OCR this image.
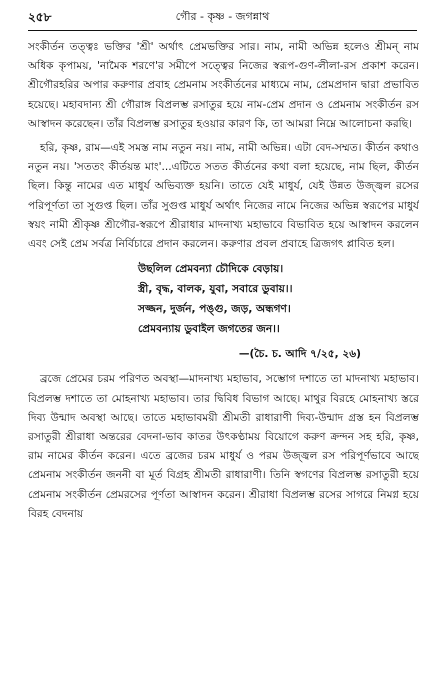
২৫৮	গৌর - কৃষ্ণ - জগন্নাথ

সংকীর্তন তত্ত্বঃ ভক্তির 'শ্রী' অর্থাৎ প্রেমভক্তির সার। নাম, নামী অভিন্ন হলেও শ্রীমন্ নাম অধিক কৃপাময়, 'নামৈক শরণে'র সমীপে সত্ত্বের নিজের স্বরূপ-গুণ-লীলা-রস প্রকাশ করেন। শ্রীগৌরহরির অপার করুণার প্রবাহ প্রেমনাম সংকীর্তনের মাধ্যমে নাম, প্রেমপ্রদান দ্বারা প্রভাবিত হয়েছে। মহাবদান্য শ্রী গৌরাঙ্গ বিপ্রলম্ভ রসাতুর হয়ে নাম-প্রেম প্রদান ও প্রেমনাম সংকীর্তন রস আস্বাদন করেছেন। তাঁর বিপ্রলম্ভ রসাতুর হওয়ার কারণ কি, তা আমরা নিম্নে আলোচনা করছি।

হরি, কৃষ্ণ, রাম—এই সমস্ত নাম নতুন নয়। নাম, নামী অভিন্ন। এটা বেদ-সম্মত। কীর্তন কথাও নতুন নয়। 'সততং কীর্তয়ন্ত মাং'...এটিতে সতত কীর্তনের কথা বলা হয়েছে, নাম ছিল, কীর্তন ছিল। কিন্তু নামের এত মাধুর্য অভিব্যক্ত হয়নি। তাতে যেই মাধুর্য, যেই উন্নত উজ্জ্বল রসের পরিপূর্ণতা তা সুগুপ্ত ছিল। তাঁর সুগুপ্ত মাধুর্য অর্থাৎ নিজের নামে নিজের অভিন্ন স্বরূপের মাধুর্য স্বয়ং নামী শ্রীকৃষ্ণ শ্রীগৌর-স্বরূপে শ্রীরাধার মাদনাখ্য মহাভাবে বিভাবিত হয়ে আস্বাদন করলেন এবং সেই প্রেম সর্বত্র নির্বিচারে প্রদান করলেন। করুণার প্রবল প্রবাহে ত্রিজগৎ প্লাবিত হল।

উছলিল প্রেমবন্যা চৌদিকে বেড়ায়।
স্ত্রী, বৃদ্ধ, বালক, যুবা, সবারে ডুবায়।।
সজ্জন, দুর্জন, পঙ্গু, জড়, অন্ধগণ।
প্রেমবন্যায় ডুবাইল জগতের জন।।
—(চৈ. চ. আদি ৭/২৫, ২৬)

ব্রজে প্রেমের চরম পরিণত অবস্থা—মাদনাখ্য মহাভাব, সম্ভোগ দশাতে তা মাদনাখ্য মহাভাব। বিপ্রলম্ভ দশাতে তা মোহনাখ্য মহাভাব। তার দ্বিবিধ বিভাগ আছে। মাথুর বিরহে মোহনাখ্য স্তরে দিব্য উন্মাদ অবস্থা আছে। তাতে মহাভাবময়ী শ্রীমতী রাধারাণী দিব্য-উন্মাদ গ্রস্ত হন বিপ্রলম্ভ রসাতুরী শ্রীরাধা অন্তরের বেদনা-ভাব কাতর উৎকণ্ঠাময় বিয়োগে করুণ ক্রন্দন সহ হরি, কৃষ্ণ, রাম নামের কীর্তন করেন। এতে ব্রজের চরম মাধুর্য ও পরম উজ্জ্বল রস পরিপূর্ণভাবে আছে প্রেমনাম সংকীর্তন জননী বা মূর্ত বিগ্রহ শ্রীমতী রাধারাণী। তিনি স্বগণের বিপ্রলম্ভ রসাতুরী হয়ে প্রেমনাম সংকীর্তন প্রেমরসের পূর্ণতা আস্বাদন করেন। শ্রীরাধা বিপ্রলম্ভ রসের সাগরে নিমগ্ন হয়ে বিরহ বেদনায়
